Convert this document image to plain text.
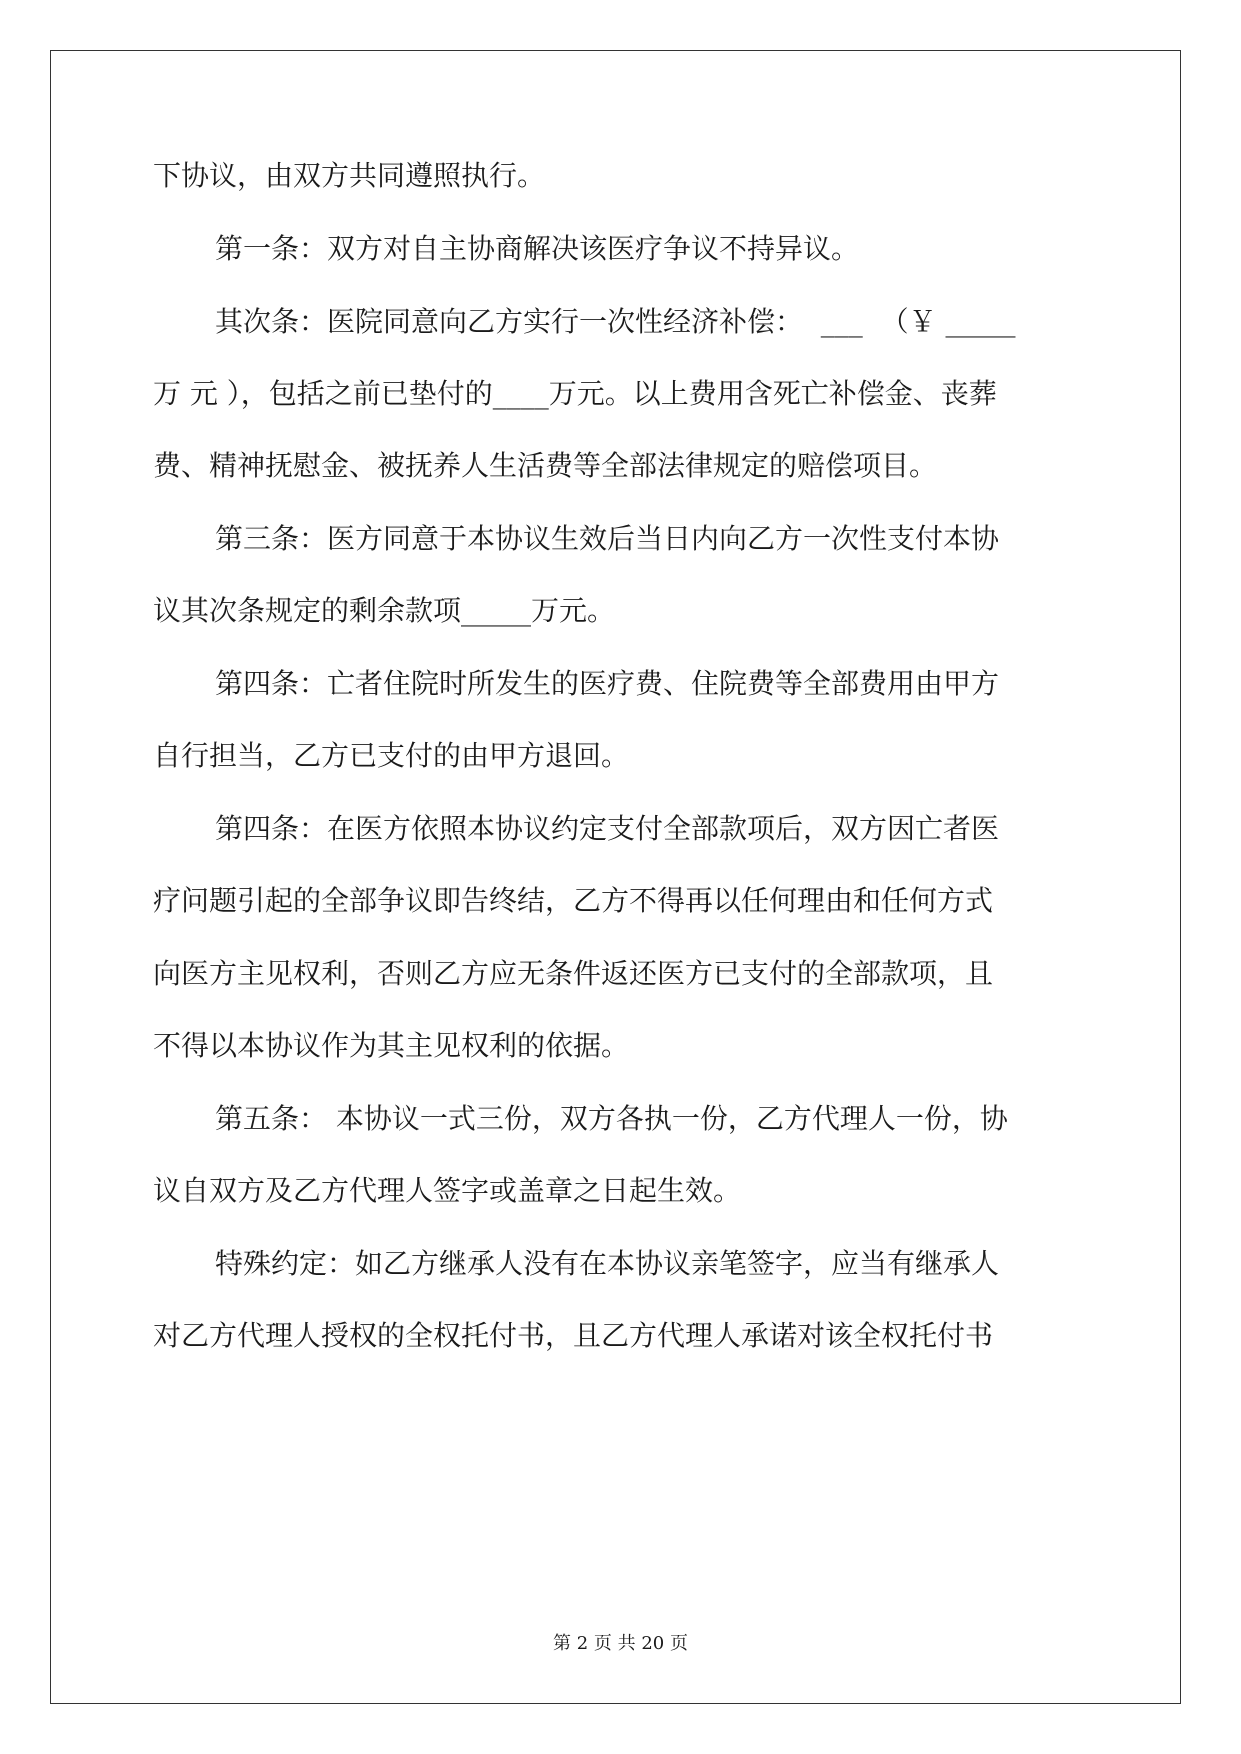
下协议，由双方共同遵照执行。
第一条：双方对自主协商解决该医疗争议不持异议。
其次条：医院同意向乙方实行一次性经济补偿：  ___  （￥ _____
万 元 ），包括之前已垫付的____万元。以上费用含死亡补偿金、丧葬
费、精神抚慰金、被抚养人生活费等全部法律规定的赔偿项目。
第三条：医方同意于本协议生效后当日内向乙方一次性支付本协
议其次条规定的剩余款项_____万元。
第四条：亡者住院时所发生的医疗费、住院费等全部费用由甲方
自行担当，乙方已支付的由甲方退回。
第四条：在医方依照本协议约定支付全部款项后，双方因亡者医
疗问题引起的全部争议即告终结，乙方不得再以任何理由和任何方式
向医方主见权利，否则乙方应无条件返还医方已支付的全部款项，且
不得以本协议作为其主见权利的依据。
第五条： 本协议一式三份，双方各执一份，乙方代理人一份，协
议自双方及乙方代理人签字或盖章之日起生效。
特殊约定：如乙方继承人没有在本协议亲笔签字，应当有继承人
对乙方代理人授权的全权托付书，且乙方代理人承诺对该全权托付书
第 2 页 共 20 页
